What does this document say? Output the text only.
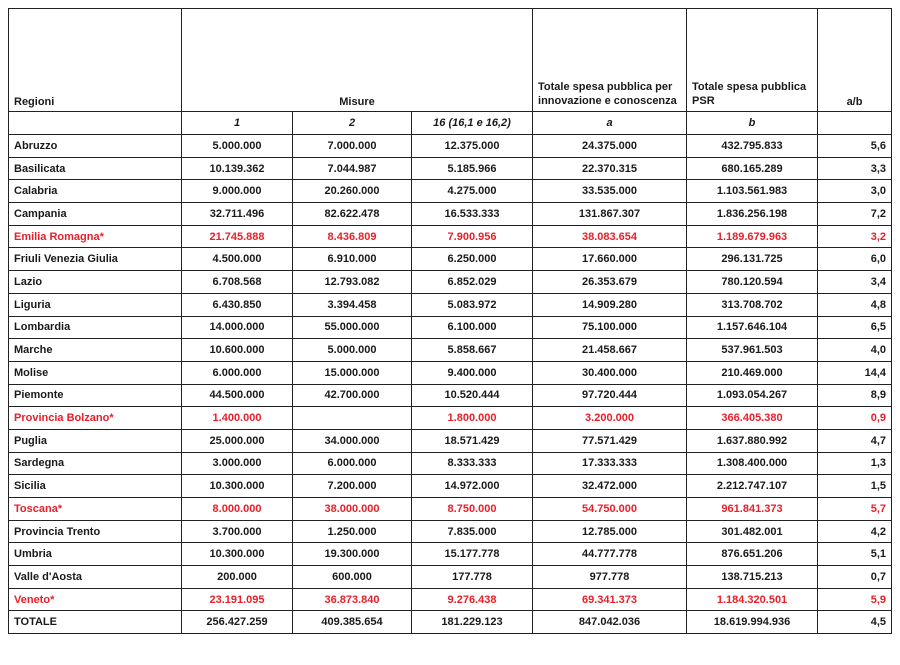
Regioni	Misure			Totale spesa pubblica per innovazione e conoscenza	Totale spesa pubblica PSR	a/b
	1	2	16 (16,1 e 16,2)	a	b	
Abruzzo	5.000.000	7.000.000	12.375.000	24.375.000	432.795.833	5,6
Basilicata	10.139.362	7.044.987	5.185.966	22.370.315	680.165.289	3,3
Calabria	9.000.000	20.260.000	4.275.000	33.535.000	1.103.561.983	3,0
Campania	32.711.496	82.622.478	16.533.333	131.867.307	1.836.256.198	7,2
Emilia Romagna*	21.745.888	8.436.809	7.900.956	38.083.654	1.189.679.963	3,2
Friuli Venezia Giulia	4.500.000	6.910.000	6.250.000	17.660.000	296.131.725	6,0
Lazio	6.708.568	12.793.082	6.852.029	26.353.679	780.120.594	3,4
Liguria	6.430.850	3.394.458	5.083.972	14.909.280	313.708.702	4,8
Lombardia	14.000.000	55.000.000	6.100.000	75.100.000	1.157.646.104	6,5
Marche	10.600.000	5.000.000	5.858.667	21.458.667	537.961.503	4,0
Molise	6.000.000	15.000.000	9.400.000	30.400.000	210.469.000	14,4
Piemonte	44.500.000	42.700.000	10.520.444	97.720.444	1.093.054.267	8,9
Provincia Bolzano*	1.400.000		1.800.000	3.200.000	366.405.380	0,9
Puglia	25.000.000	34.000.000	18.571.429	77.571.429	1.637.880.992	4,7
Sardegna	3.000.000	6.000.000	8.333.333	17.333.333	1.308.400.000	1,3
Sicilia	10.300.000	7.200.000	14.972.000	32.472.000	2.212.747.107	1,5
Toscana*	8.000.000	38.000.000	8.750.000	54.750.000	961.841.373	5,7
Provincia Trento	3.700.000	1.250.000	7.835.000	12.785.000	301.482.001	4,2
Umbria	10.300.000	19.300.000	15.177.778	44.777.778	876.651.206	5,1
Valle d'Aosta	200.000	600.000	177.778	977.778	138.715.213	0,7
Veneto*	23.191.095	36.873.840	9.276.438	69.341.373	1.184.320.501	5,9
TOTALE	256.427.259	409.385.654	181.229.123	847.042.036	18.619.994.936	4,5
